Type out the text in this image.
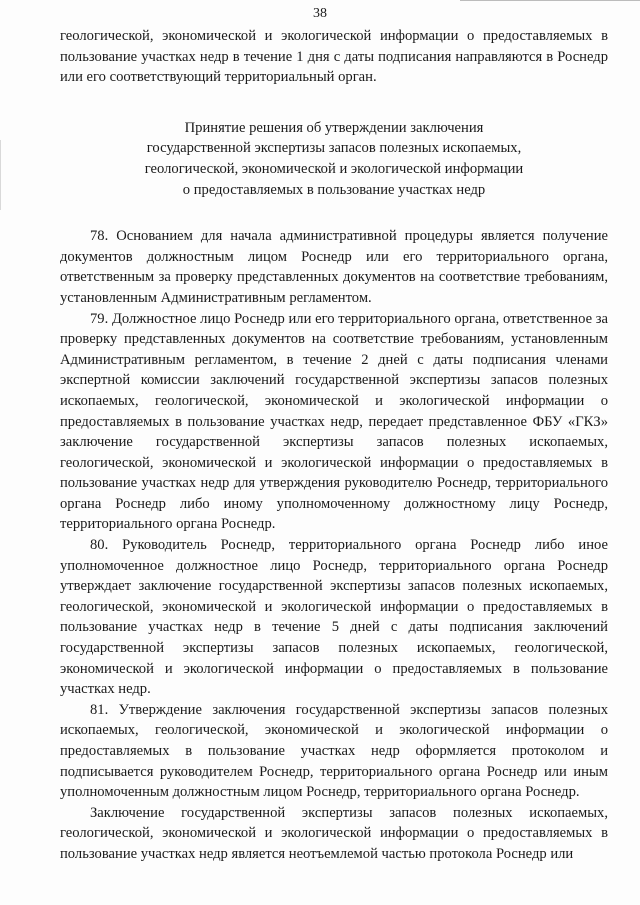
38

геологической, экономической и экологической информации о предоставляемых в пользование участках недр в течение 1 дня с даты подписания направляются в Роснедр или его соответствующий территориальный орган.

Принятие решения об утверждении заключения
государственной экспертизы запасов полезных ископаемых,
геологической, экономической и экологической информации
о предоставляемых в пользование участках недр

78. Основанием для начала административной процедуры является получение документов должностным лицом Роснедр или его территориального органа, ответственным за проверку представленных документов на соответствие требованиям, установленным Административным регламентом.

79. Должностное лицо Роснедр или его территориального органа, ответственное за проверку представленных документов на соответствие требованиям, установленным Административным регламентом, в течение 2 дней с даты подписания членами экспертной комиссии заключений государственной экспертизы запасов полезных ископаемых, геологической, экономической и экологической информации о предоставляемых в пользование участках недр, передает представленное ФБУ «ГКЗ» заключение государственной экспертизы запасов полезных ископаемых, геологической, экономической и экологической информации о предоставляемых в пользование участках недр для утверждения руководителю Роснедр, территориального органа Роснедр либо иному уполномоченному должностному лицу Роснедр, территориального органа Роснедр.

80. Руководитель Роснедр, территориального органа Роснедр либо иное уполномоченное должностное лицо Роснедр, территориального органа Роснедр утверждает заключение государственной экспертизы запасов полезных ископаемых, геологической, экономической и экологической информации о предоставляемых в пользование участках недр в течение 5 дней с даты подписания заключений государственной экспертизы запасов полезных ископаемых, геологической, экономической и экологической информации о предоставляемых в пользование участках недр.

81. Утверждение заключения государственной экспертизы запасов полезных ископаемых, геологической, экономической и экологической информации о предоставляемых в пользование участках недр оформляется протоколом и подписывается руководителем Роснедр, территориального органа Роснедр или иным уполномоченным должностным лицом Роснедр, территориального органа Роснедр.

Заключение государственной экспертизы запасов полезных ископаемых, геологической, экономической и экологической информации о предоставляемых в пользование участках недр является неотъемлемой частью протокола Роснедр или
